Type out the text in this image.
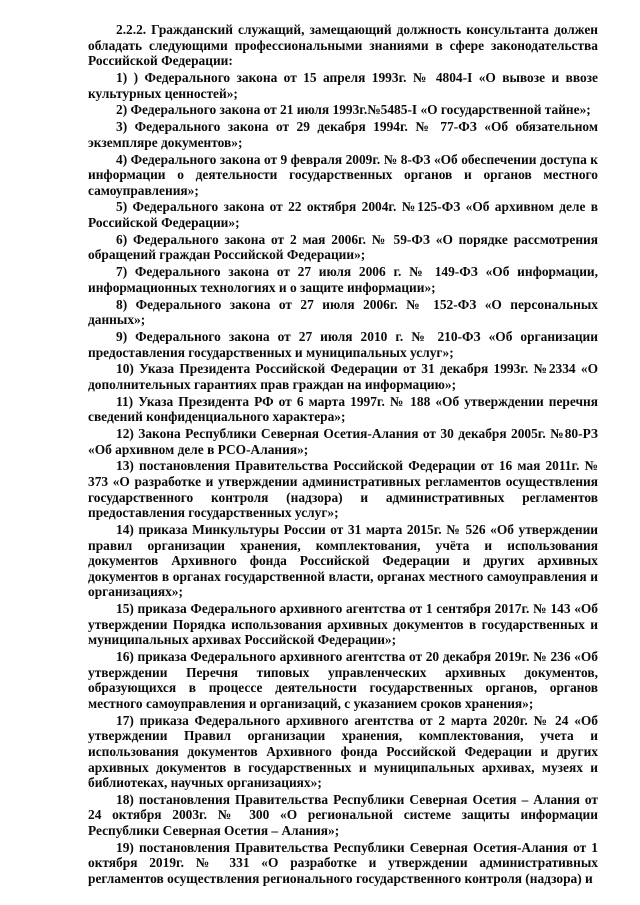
2.2.2. Гражданский служащий, замещающий должность консультанта должен обладать следующими профессиональными знаниями в сфере законодательства Российской Федерации:

1) ) Федерального закона от 15 апреля 1993г. № 4804-I «О вывозе и ввозе культурных ценностей»;

2) Федерального закона от 21 июля 1993г.№5485-I «О государственной тайне»;

3) Федерального закона от 29 декабря 1994г. № 77-ФЗ «Об обязательном экземпляре документов»;

4) Федерального закона от 9 февраля 2009г. № 8-ФЗ «Об обеспечении доступа к информации о деятельности государственных органов и органов местного самоуправления»;

5) Федерального закона от 22 октября 2004г. №125-ФЗ «Об архивном деле в Российской Федерации»;

6) Федерального закона от 2 мая 2006г. № 59-ФЗ «О порядке рассмотрения обращений граждан Российской Федерации»;

7) Федерального закона от 27 июля 2006 г. № 149-ФЗ «Об информации, информационных технологиях и о защите информации»;

8) Федерального закона от 27 июля 2006г. № 152-ФЗ «О персональных данных»;

9) Федерального закона от 27 июля 2010 г. № 210-ФЗ «Об организации предоставления государственных и муниципальных услуг»;

10) Указа Президента Российской Федерации от 31 декабря 1993г. №2334 «О дополнительных гарантиях прав граждан на информацию»;

11) Указа Президента РФ от 6 марта 1997г. № 188 «Об утверждении перечня сведений конфиденциального характера»;

12) Закона Республики Северная Осетия-Алания от 30 декабря 2005г. №80-РЗ «Об архивном деле в РСО-Алания»;

13) постановления Правительства Российской Федерации от 16 мая 2011г. № 373 «О разработке и утверждении административных регламентов осуществления государственного контроля (надзора) и административных регламентов предоставления государственных услуг»;

14) приказа Минкультуры России от 31 марта 2015г. № 526 «Об утверждении правил организации хранения, комплектования, учёта и использования документов Архивного фонда Российской Федерации и других архивных документов в органах государственной власти, органах местного самоуправления и организациях»;

15) приказа Федерального архивного агентства от 1 сентября 2017г. № 143 «Об утверждении Порядка использования архивных документов в государственных и муниципальных архивах Российской Федерации»;

16) приказа Федерального архивного агентства от 20 декабря 2019г. № 236 «Об утверждении Перечня типовых управленческих архивных документов, образующихся в процессе деятельности государственных органов, органов местного самоуправления и организаций, с указанием сроков хранения»;

17) приказа Федерального архивного агентства от 2 марта 2020г. № 24 «Об утверждении Правил организации хранения, комплектования, учета и использования документов Архивного фонда Российской Федерации и других архивных документов в государственных и муниципальных архивах, музеях и библиотеках, научных организациях»;

18) постановления Правительства Республики Северная Осетия – Алания от 24 октября 2003г. № 300 «О региональной системе защиты информации Республики Северная Осетия – Алания»;

19) постановления Правительства Республики Северная Осетия-Алания от 1 октября 2019г. № 331 «О разработке и утверждении административных регламентов осуществления регионального государственного контроля (надзора) и
